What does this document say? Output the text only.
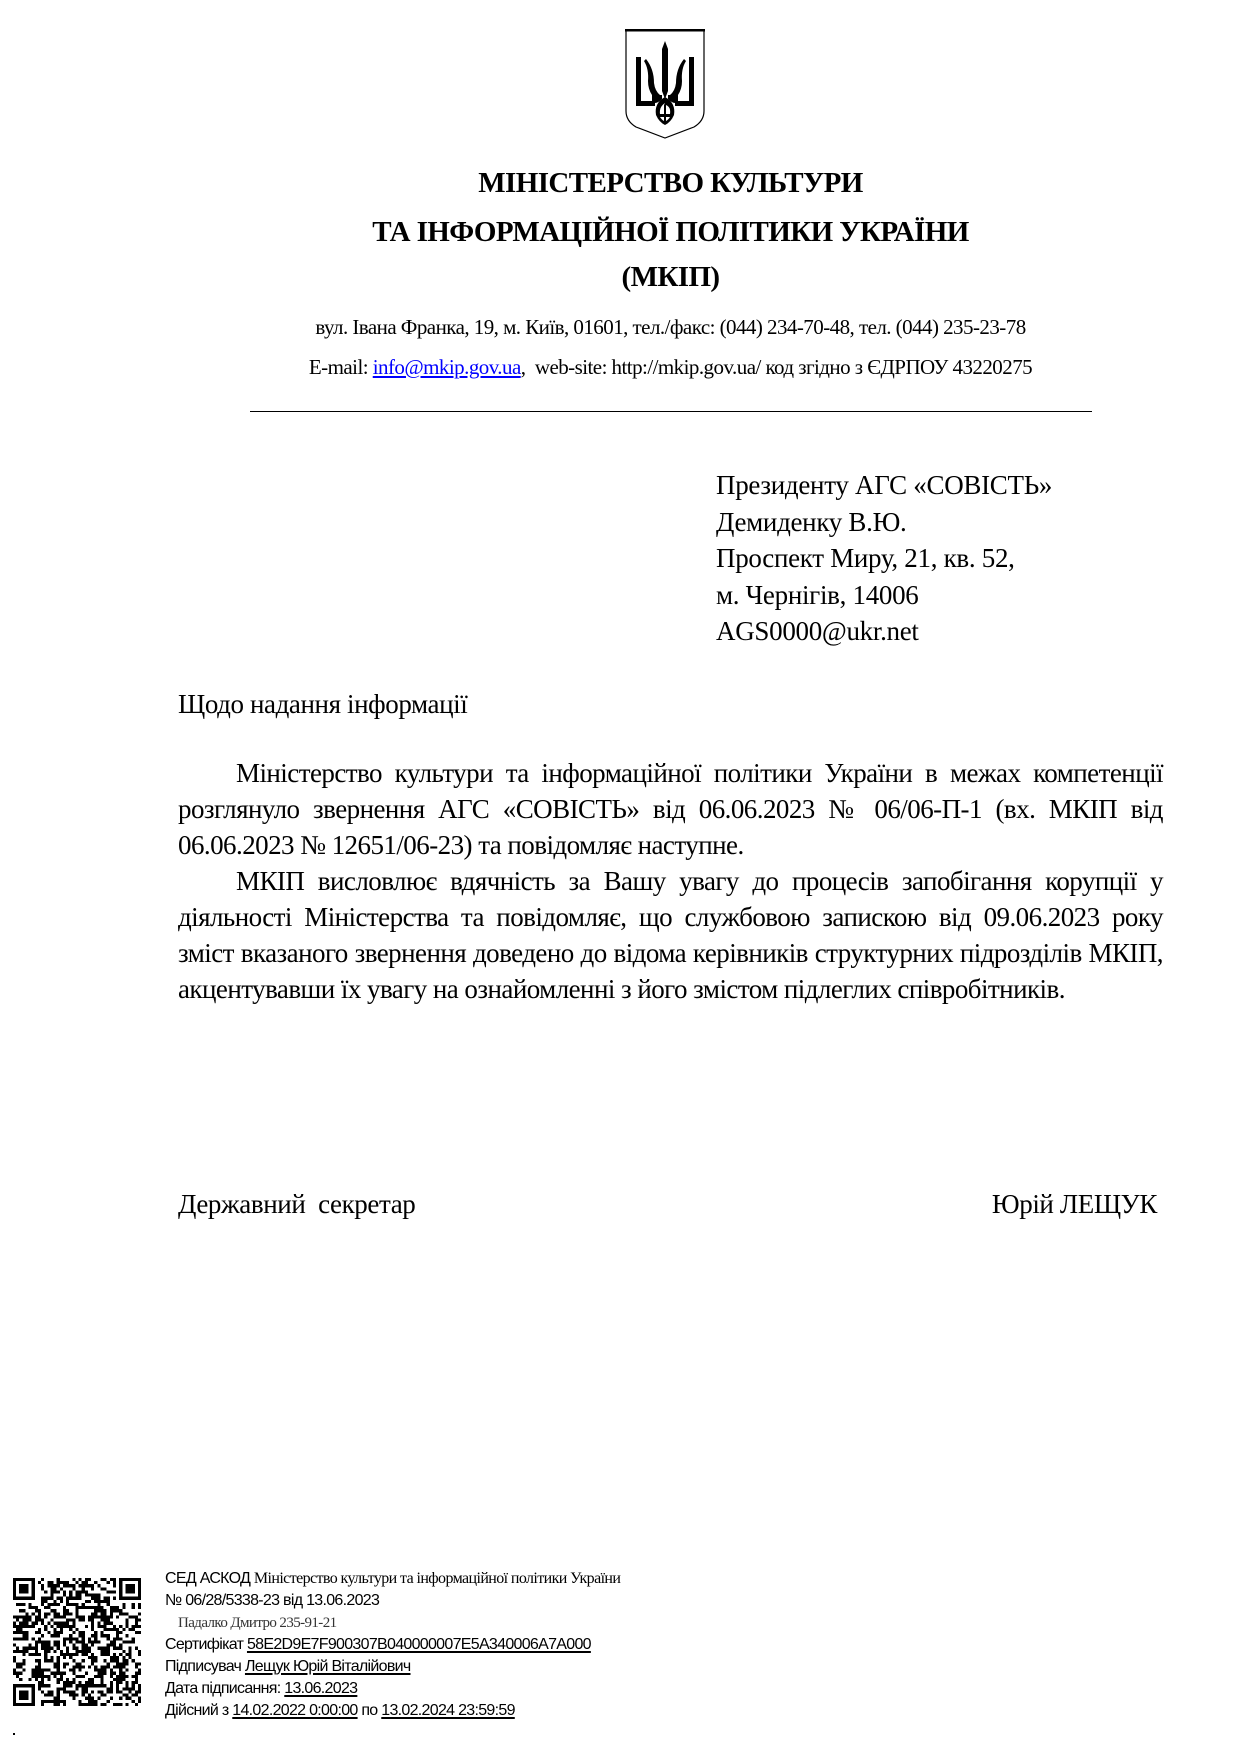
МІНІСТЕРСТВО КУЛЬТУРИ
ТА ІНФОРМАЦІЙНОЇ ПОЛІТИКИ УКРАЇНИ
(МКІП)
вул. Івана Франка, 19, м. Київ, 01601, тел./факс: (044) 234-70-48, тел. (044) 235-23-78
E-mail: info@mkip.gov.ua,  web-site: http://mkip.gov.ua/ код згідно з ЄДРПОУ 43220275
Президенту АГС «СОВІСТЬ»
Демиденку В.Ю.
Проспект Миру, 21, кв. 52,
м. Чернігів, 14006
AGS0000@ukr.net
Щодо надання інформації

Міністерство культури та інформаційної політики України в межах компетенції розглянуло звернення АГС «СОВІСТЬ» від 06.06.2023 № 06/06-П-1 (вх. МКІП від 06.06.2023 № 12651/06-23) та повідомляє наступне.

МКІП висловлює вдячність за Вашу увагу до процесів запобігання корупції у діяльності Міністерства та повідомляє, що службовою запискою від 09.06.2023 року зміст вказаного звернення доведено до відома керівників структурних підрозділів МКІП, акцентувавши їх увагу на ознайомленні з його змістом підлеглих співробітників.

Державний  секретар	Юрій ЛЕЩУК
СЕД АСКОД Міністерство культури та інформаційної політики України
№ 06/28/5338-23 від 13.06.2023
Падалко Дмитро 235-91-21
Сертифікат 58E2D9E7F900307B040000007E5A340006A7A000
Підписувач Лещук Юрій Віталійович
Дата підписання: 13.06.2023
Дійсний з 14.02.2022 0:00:00 по 13.02.2024 23:59:59
